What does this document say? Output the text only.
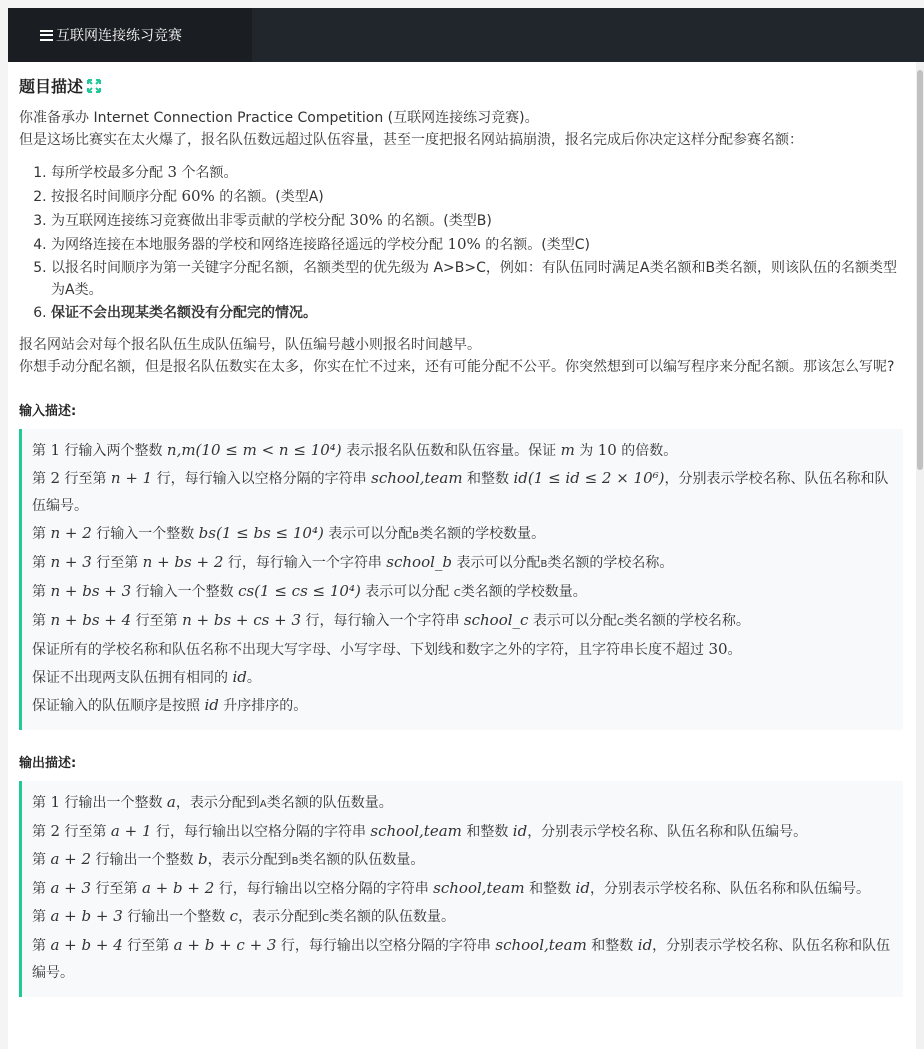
互联网连接练习竞赛
题目描述

你准备承办 Internet Connection Practice Competition (互联网连接练习竞赛)。

但是这场比赛实在太火爆了，报名队伍数远超过队伍容量，甚至一度把报名网站搞崩溃，报名完成后你决定这样分配参赛名额：

1. 每所学校最多分配 3 个名额。
2. 按报名时间顺序分配 60% 的名额。(类型A)
3. 为互联网连接练习竞赛做出非零贡献的学校分配 30% 的名额。(类型B)
4. 为网络连接在本地服务器的学校和网络连接路径遥远的学校分配 10% 的名额。(类型C)
5. 以报名时间顺序为第一关键字分配名额，名额类型的优先级为 A>B>C，例如：有队伍同时满足A类名额和B类名额，则该队伍的名额类型为A类。
6. 保证不会出现某类名额没有分配完的情况。

报名网站会对每个报名队伍生成队伍编号，队伍编号越小则报名时间越早。

你想手动分配名额，但是报名队伍数实在太多，你实在忙不过来，还有可能分配不公平。你突然想到可以编写程序来分配名额。那该怎么写呢?

输入描述:
第 1 行输入两个整数 n,m(10 ≤ m < n ≤ 10⁴) 表示报名队伍数和队伍容量。保证 m 为 10 的倍数。
第 2 行至第 n + 1 行，每行输入以空格分隔的字符串 school,team 和整数 id(1 ≤ id ≤ 2 × 10⁶)，分别表示学校名称、队伍名称和队伍编号。
第 n + 2 行输入一个整数 bs(1 ≤ bs ≤ 10⁴) 表示可以分配B类名额的学校数量。
第 n + 3 行至第 n + bs + 2 行，每行输入一个字符串 school_b 表示可以分配B类名额的学校名称。
第 n + bs + 3 行输入一个整数 cs(1 ≤ cs ≤ 10⁴) 表示可以分配 C类名额的学校数量。
第 n + bs + 4 行至第 n + bs + cs + 3 行，每行输入一个字符串 school_c 表示可以分配C类名额的学校名称。
保证所有的学校名称和队伍名称不出现大写字母、小写字母、下划线和数字之外的字符，且字符串长度不超过 30。
保证不出现两支队伍拥有相同的 id。
保证输入的队伍顺序是按照 id 升序排序的。
输出描述:
第 1 行输出一个整数 a，表示分配到A类名额的队伍数量。
第 2 行至第 a + 1 行，每行输出以空格分隔的字符串 school,team 和整数 id，分别表示学校名称、队伍名称和队伍编号。
第 a + 2 行输出一个整数 b，表示分配到B类名额的队伍数量。
第 a + 3 行至第 a + b + 2 行，每行输出以空格分隔的字符串 school,team 和整数 id，分别表示学校名称、队伍名称和队伍编号。
第 a + b + 3 行输出一个整数 c，表示分配到C类名额的队伍数量。
第 a + b + 4 行至第 a + b + c + 3 行，每行输出以空格分隔的字符串 school,team 和整数 id，分别表示学校名称、队伍名称和队伍编号。
